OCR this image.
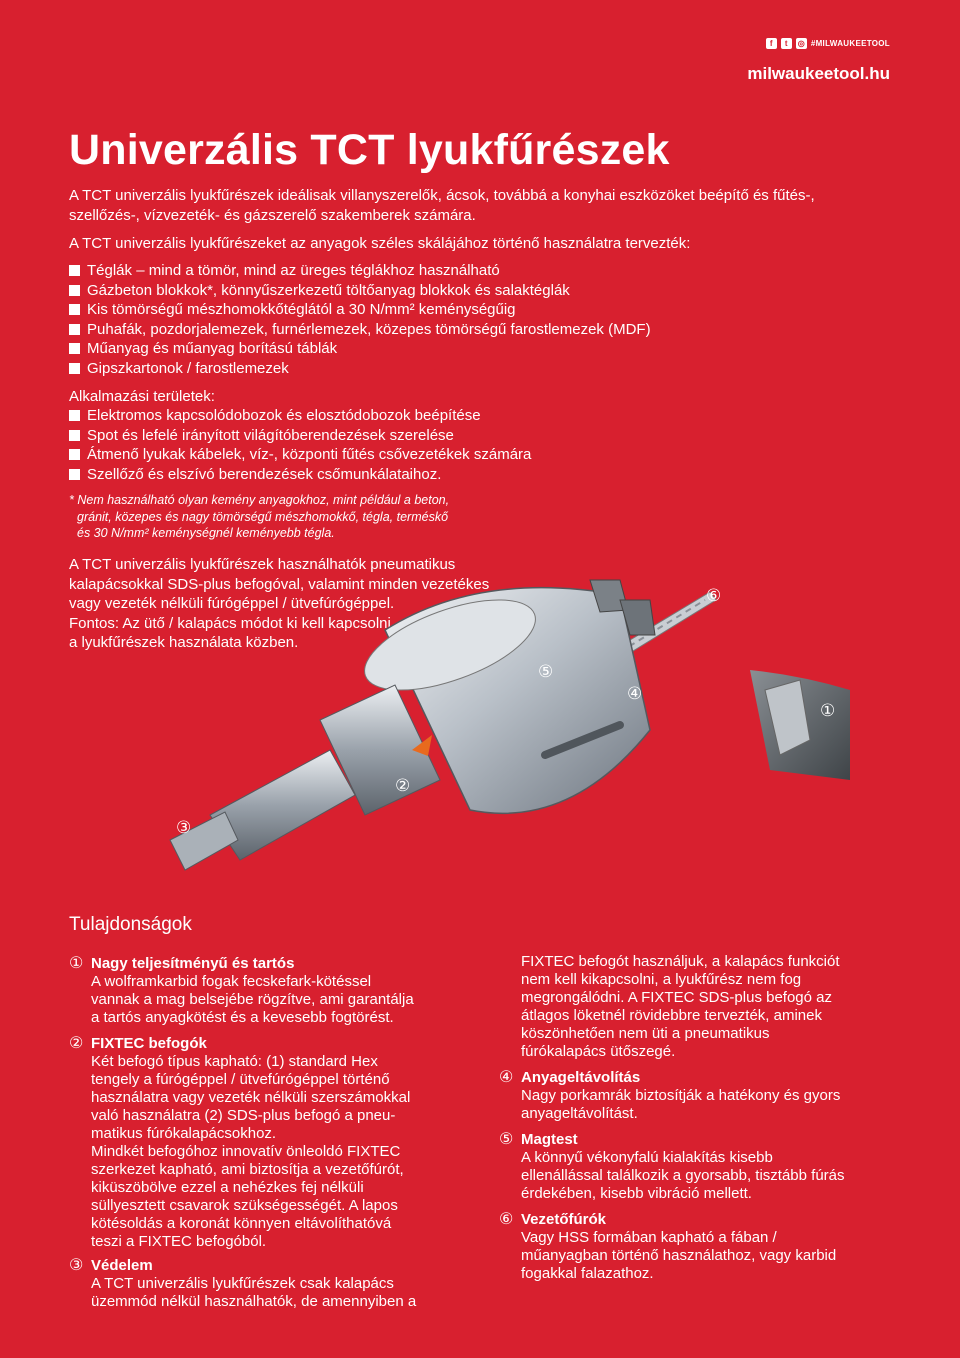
f	t	◎ #MILWAUKEETOOL
milwaukeetool.hu
Univerzális TCT lyukfűrészek
A TCT univerzális lyukfűrészek ideálisak villanyszerelők, ácsok, továbbá a konyhai eszközöket beépítő és fűtés-, szellőzés-, vízvezeték- és gázszerelő szakemberek számára.
A TCT univerzális lyukfűrészeket az anyagok széles skálájához történő használatra tervezték:
Téglák – mind a tömör, mind az üreges téglákhoz használható
Gázbeton blokkok*, könnyűszerkezetű töltőanyag blokkok és salaktéglák
Kis tömörségű mészhomokkőtéglától a 30 N/mm² keménységűig
Puhafák, pozdorjalemezek, furnérlemezek, közepes tömörségű farostlemezek (MDF)
Műanyag és műanyag borítású táblák
Gipszkartonok / farostlemezek
Alkalmazási területek:
Elektromos kapcsolódobozok és elosztódobozok beépítése
Spot és lefelé irányított világítóberendezések szerelése
Átmenő lyukak kábelek, víz-, központi fűtés csővezetékek számára
Szellőző és elszívó berendezések csőmunkálataihoz.
* Nem használható olyan kemény anyagokhoz, mint például a beton,
gránit, közepes és nagy tömörségű mészhomokkő, tégla, terméskő
és 30 N/mm² keménységnél keményebb tégla.
A TCT univerzális lyukfűrészek használhatók pneumatikus
kalapácsokkal SDS-plus befogóval, valamint minden vezetékes
vagy vezeték nélküli fúrógéppel / ütvefúrógéppel.
Fontos: Az ütő / kalapács módot ki kell kapcsolni
a lyukfűrészek használata közben.
⑥
⑤
④
①
②
③
Tulajdonságok
① Nagy teljesítményű és tartós
A wolframkarbid fogak fecskefark-kötéssel
vannak a mag belsejébe rögzítve, ami garantálja
a tartós anyagkötést és a kevesebb fogtörést.
② FIXTEC befogók
Két befogó típus kapható: (1) standard Hex
tengely a fúrógéppel / ütvefúrógéppel történő
használatra vagy vezeték nélküli szerszámokkal
való használatra (2) SDS-plus befogó a pneu-
matikus fúrókalapácsokhoz.
Mindkét befogóhoz innovatív önleoldó FIXTEC
szerkezet kapható, ami biztosítja a vezetőfúrót,
kiküszöbölve ezzel a nehézkes fej nélküli
süllyesztett csavarok szükségességét. A lapos
kötésoldás a koronát könnyen eltávolíthatóvá
teszi a FIXTEC befogóból.
③ Védelem
A TCT univerzális lyukfűrészek csak kalapács
üzemmód nélkül használhatók, de amennyiben a
FIXTEC befogót használjuk, a kalapács funkciót
nem kell kikapcsolni, a lyukfűrész nem fog
megrongálódni. A FIXTEC SDS-plus befogó az
átlagos löketnél rövidebbre tervezték, aminek
köszönhetően nem üti a pneumatikus
fúrókalapács ütőszegé.
④ Anyageltávolítás
Nagy porkamrák biztosítják a hatékony és gyors
anyageltávolítást.
⑤ Magtest
A könnyű vékonyfalú kialakítás kisebb
ellenállással találkozik a gyorsabb, tisztább fúrás
érdekében, kisebb vibráció mellett.
⑥ Vezetőfúrók
Vagy HSS formában kapható a fában /
műanyagban történő használathoz, vagy karbid
fogakkal falazathoz.
